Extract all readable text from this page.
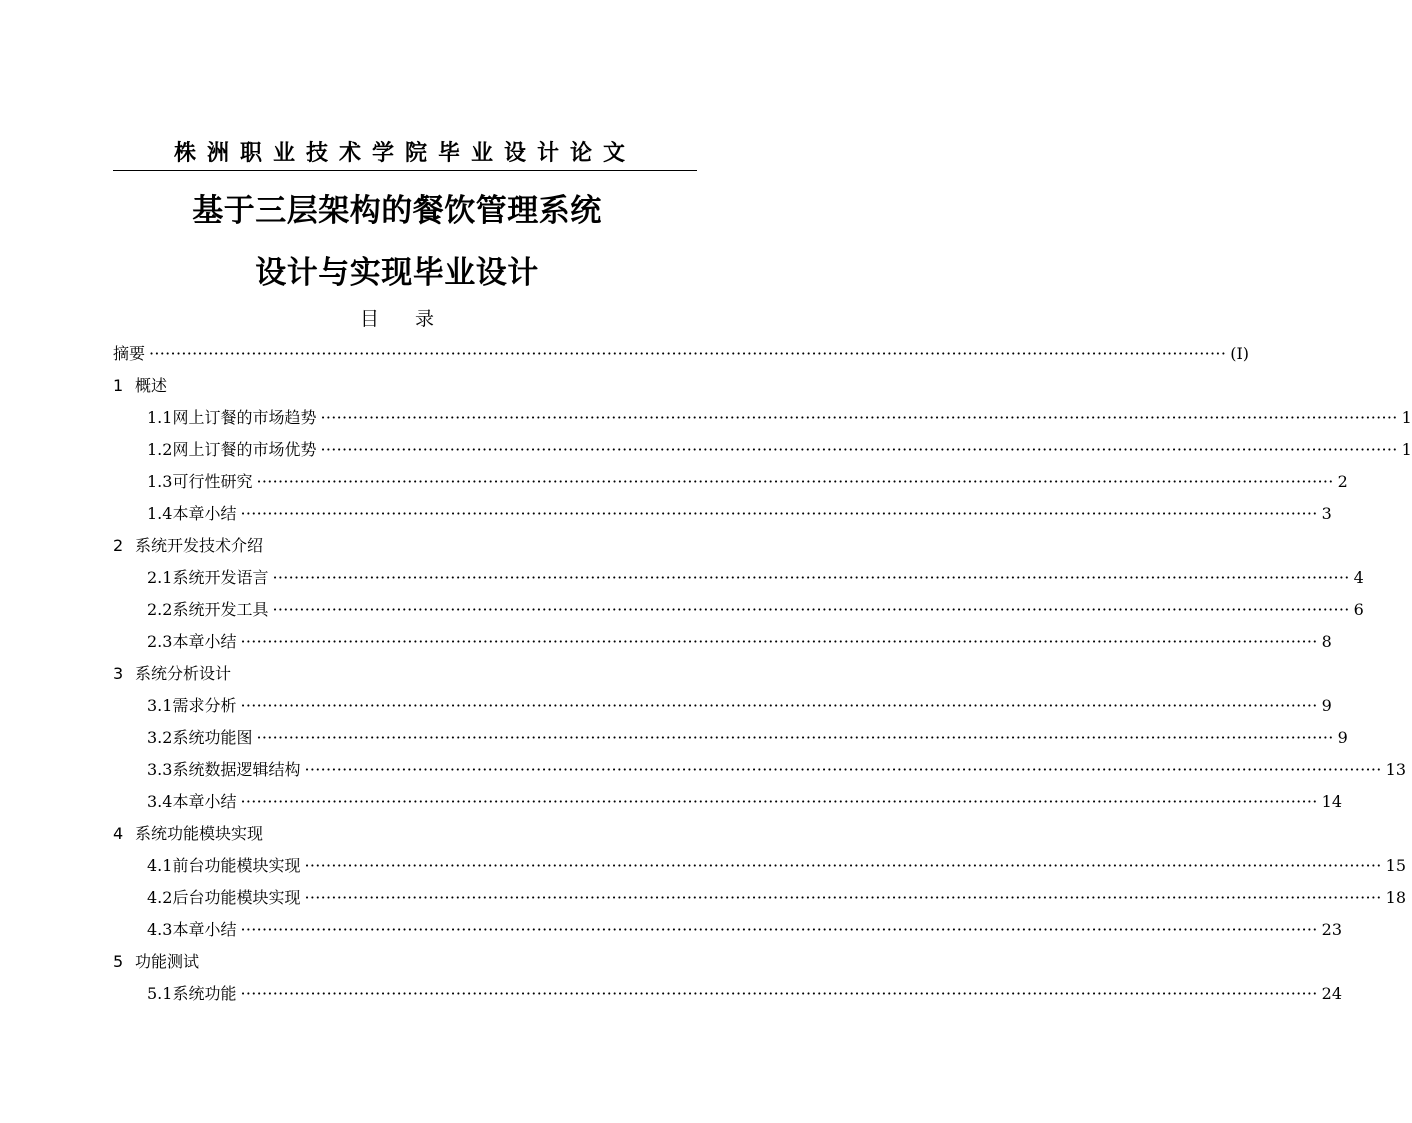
株洲职业技术学院毕业设计论文
基于三层架构的餐饮管理系统
设计与实现毕业设计
目录
摘要 ········································································································································································································ (I)
1 概述
1.1 网上订餐的市场趋势 ········································································································································································································ 1
1.2 网上订餐的市场优势 ········································································································································································································ 1
1.3 可行性研究 ········································································································································································································ 2
1.4 本章小结 ········································································································································································································ 3
2 系统开发技术介绍
2.1 系统开发语言 ········································································································································································································ 4
2.2 系统开发工具 ········································································································································································································ 6
2.3 本章小结 ········································································································································································································ 8
3 系统分析设计
3.1 需求分析 ········································································································································································································ 9
3.2 系统功能图 ········································································································································································································ 9
3.3 系统数据逻辑结构 ········································································································································································································ 13
3.4 本章小结 ········································································································································································································ 14
4 系统功能模块实现
4.1 前台功能模块实现 ········································································································································································································ 15
4.2 后台功能模块实现 ········································································································································································································ 18
4.3 本章小结 ········································································································································································································ 23
5 功能测试
5.1 系统功能 ········································································································································································································ 24
